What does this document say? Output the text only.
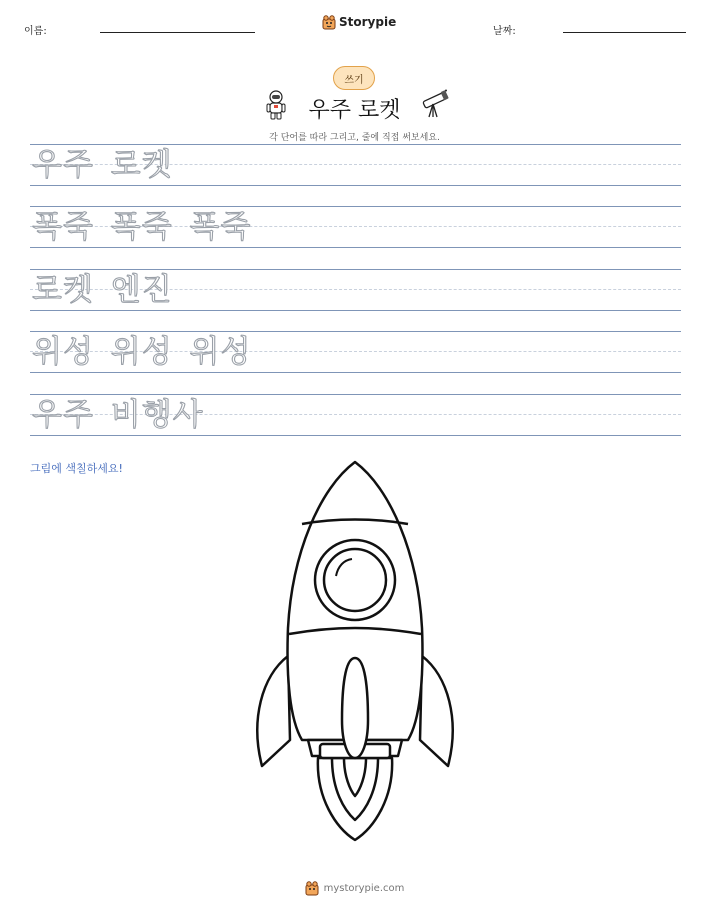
이름:
Storypie
날짜:
쓰기
우주 로켓
각 단어를 따라 그리고, 줄에 직접 써보세요.
우주 로켓
폭죽 폭죽 폭죽
로켓 엔진
위성 위성 위성
우주 비행사
그림에 색칠하세요!
mystorypie.com
